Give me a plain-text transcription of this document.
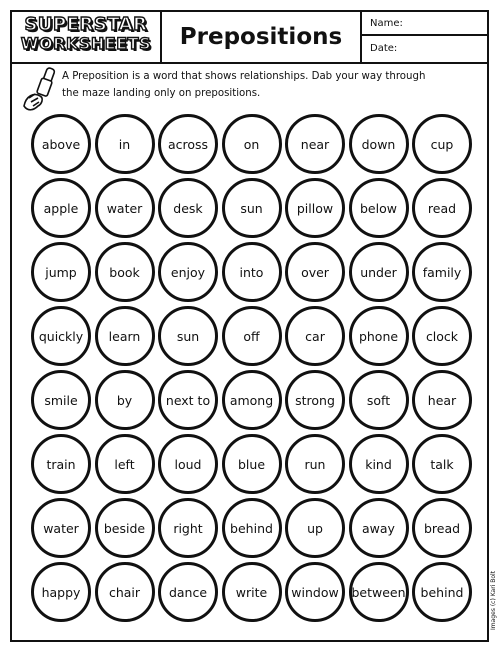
SUPERSTAR
WORKSHEETS	Prepositions
Name:
Date:
A Preposition is a word that shows relationships. Dab your way through
the maze landing only on prepositions.
above	in	across	on	near	down	cup
apple	water	desk	sun	pillow	below	read
jump	book	enjoy	into	over	under	family
quickly	learn	sun	off	car	phone	clock
smile	by	next to	among	strong	soft	hear
train	left	loud	blue	run	kind	talk
water	beside	right	behind	up	away	bread
happy	chair	dance	write	window	between	behind	Images (c) Kari Bolt
